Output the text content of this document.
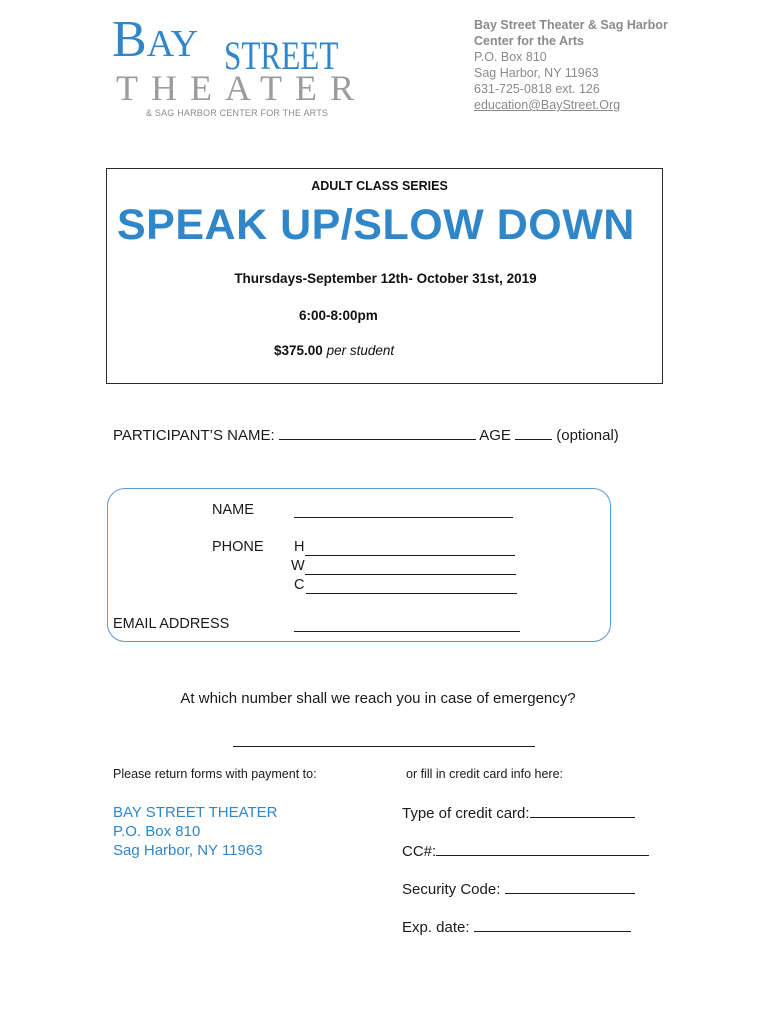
BAY STREET
THEATER
& SAG HARBOR CENTER FOR THE ARTS
Bay Street Theater & Sag Harbor
Center for the Arts
P.O. Box 810
Sag Harbor, NY 11963
631-725-0818 ext. 126
education@BayStreet.Org
ADULT CLASS SERIES
SPEAK UP/SLOW DOWN
Thursdays-September 12th- October 31st, 2019
6:00-8:00pm
$375.00 per student
PARTICIPANT’S NAME:	AGE	(optional)
NAME
PHONE H
W
C
EMAIL ADDRESS
At which number shall we reach you in case of emergency?
Please return forms with payment to:	or fill in credit card info here:
BAY STREET THEATER
P.O. Box 810
Sag Harbor, NY 11963
Type of credit card:
CC#:
Security Code:
Exp. date:
